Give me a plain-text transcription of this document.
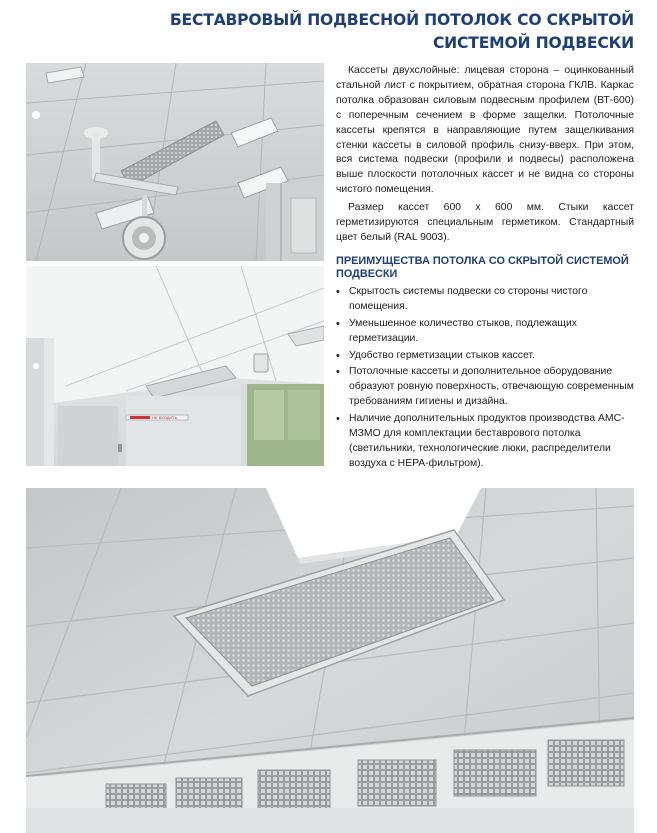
БЕСТАВРОВЫЙ ПОДВЕСНОЙ ПОТОЛОК СО СКРЫТОЙ
СИСТЕМОЙ ПОДВЕСКИ
НЕ ВХОДИТЬ

Кассеты двухслойные: лицевая сторона – оцинкованный стальной лист с покрытием, обратная сторона ГКЛВ. Каркас потолка образован силовым подвесным профилем (ВТ-600) с поперечным сечением в форме защелки. Потолочные кассеты крепятся в направляющие путем защелкивания стенки кассеты в силовой профиль снизу-вверх. При этом, вся система подвески (профили и подвесы) расположена выше плоскости потолочных кассет и не видна со стороны чистого помещения.

Размер кассет 600 х 600 мм. Стыки кассет герметизируются специальным герметиком. Стандартный цвет белый (RAL 9003).

ПРЕИМУЩЕСТВА ПОТОЛКА СО СКРЫТОЙ СИСТЕМОЙ ПОДВЕСКИ
• Скрытость системы подвески со стороны чистого помещения.
• Уменьшенное количество стыков, подлежащих герметизации.
• Удобство герметизации стыков кассет.
• Потолочные кассеты и дополнительное оборудование образуют ровную поверхность, отвечающую современным требованиям гигиены и дизайна.
• Наличие дополнительных продуктов производства АМС-МЗМО для комплектации беставрового потолка (светильники, технологические люки, распределители воздуха с HEPA-фильтром).
